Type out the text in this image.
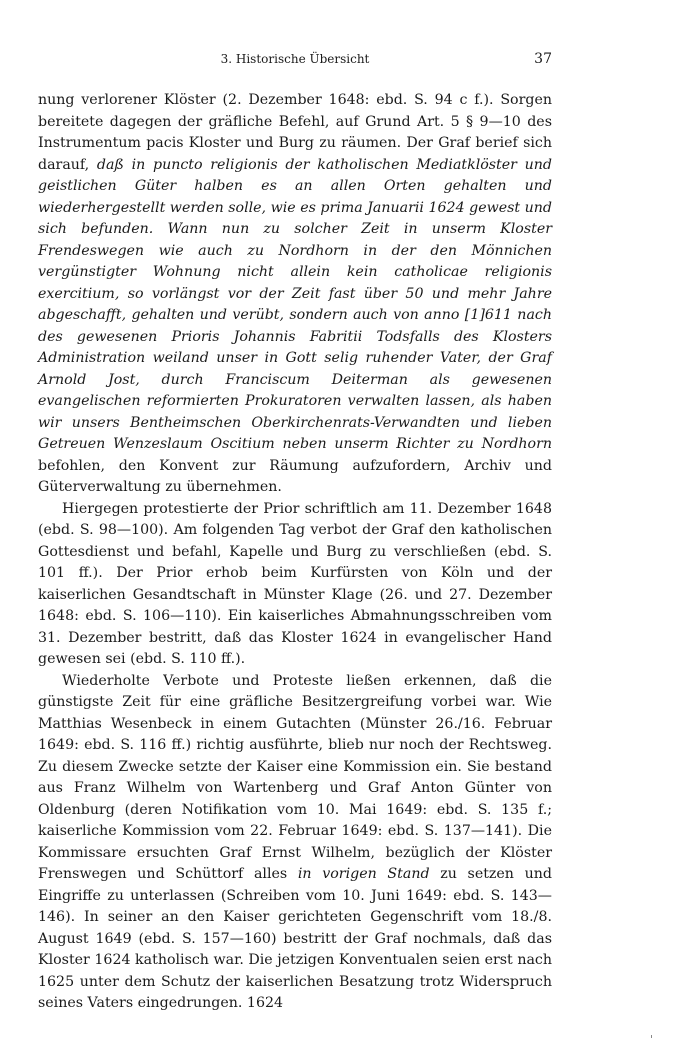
3. Historische Übersicht	37

nung verlorener Klöster (2. Dezember 1648: ebd. S. 94 c f.). Sorgen bereitete dagegen der gräfliche Befehl, auf Grund Art. 5 § 9—10 des Instrumentum pacis Kloster und Burg zu räumen. Der Graf berief sich darauf, daß in puncto religionis der katholischen Mediatklöster und geistlichen Güter halben es an allen Orten gehalten und wiederhergestellt werden solle, wie es prima Januarii 1624 gewest und sich befunden. Wann nun zu solcher Zeit in unserm Kloster Frendeswegen wie auch zu Nordhorn in der den Mönnichen vergünstigter Wohnung nicht allein kein catholicae religionis exercitium, so vorlängst vor der Zeit fast über 50 und mehr Jahre abgeschafft, gehalten und verübt, sondern auch von anno [1]611 nach des gewesenen Prioris Johannis Fabritii Todsfalls des Klosters Administration weiland unser in Gott selig ruhender Vater, der Graf Arnold Jost, durch Franciscum Deiterman als gewesenen evangelischen reformierten Prokuratoren verwalten lassen, als haben wir unsers Bentheimschen Oberkirchenrats-Verwandten und lieben Getreuen Wenzeslaum Oscitium neben unserm Richter zu Nordhorn befohlen, den Konvent zur Räumung aufzufordern, Archiv und Güterverwaltung zu übernehmen.

Hiergegen protestierte der Prior schriftlich am 11. Dezember 1648 (ebd. S. 98—100). Am folgenden Tag verbot der Graf den katholischen Gottesdienst und befahl, Kapelle und Burg zu verschließen (ebd. S. 101 ff.). Der Prior erhob beim Kurfürsten von Köln und der kaiserlichen Gesandtschaft in Münster Klage (26. und 27. Dezember 1648: ebd. S. 106—110). Ein kaiserliches Abmahnungsschreiben vom 31. Dezember bestritt, daß das Kloster 1624 in evangelischer Hand gewesen sei (ebd. S. 110 ff.).

Wiederholte Verbote und Proteste ließen erkennen, daß die günstigste Zeit für eine gräfliche Besitzergreifung vorbei war. Wie Matthias Wesenbeck in einem Gutachten (Münster 26./16. Februar 1649: ebd. S. 116 ff.) richtig ausführte, blieb nur noch der Rechtsweg. Zu diesem Zwecke setzte der Kaiser eine Kommission ein. Sie bestand aus Franz Wilhelm von Wartenberg und Graf Anton Günter von Oldenburg (deren Notifikation vom 10. Mai 1649: ebd. S. 135 f.; kaiserliche Kommission vom 22. Februar 1649: ebd. S. 137—141). Die Kommissare ersuchten Graf Ernst Wilhelm, bezüglich der Klöster Frenswegen und Schüttorf alles in vorigen Stand zu setzen und Eingriffe zu unterlassen (Schreiben vom 10. Juni 1649: ebd. S. 143—146). In seiner an den Kaiser gerichteten Gegenschrift vom 18./8. August 1649 (ebd. S. 157—160) bestritt der Graf nochmals, daß das Kloster 1624 katholisch war. Die jetzigen Konventualen seien erst nach 1625 unter dem Schutz der kaiserlichen Besatzung trotz Widerspruch seines Vaters eingedrungen. 1624
